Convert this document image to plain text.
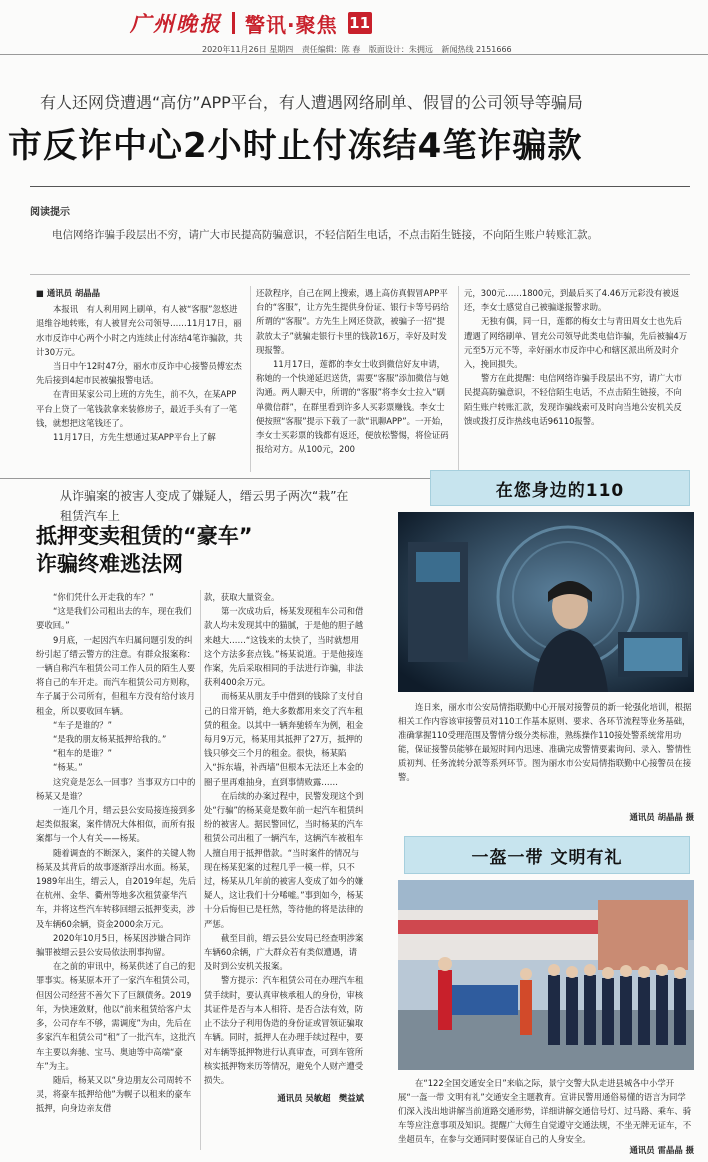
广州晚报 警讯·聚焦 11
2020年11月26日 星期四 责任编辑：陈 春 版面设计：朱拥远 新闻热线 2151666
有人还网贷遭遇“高仿”APP平台，有人遭遇网络刷单、假冒的公司领导等骗局
市反诈中心2小时止付冻结4笔诈骗款
阅读提示
电信网络诈骗手段层出不穷，请广大市民提高防骗意识，不轻信陌生电话，不点击陌生链接，不向陌生账户转账汇款。
■ 通讯员 胡晶晶

本报讯　有人利用网上刷单，有人被“客服”忽悠进退维谷地转账，有人被冒充公司领导……11月17日，丽水市反诈中心两个小时之内连续止付冻结4笔诈骗款，共计30万元。

当日中午12时47分，丽水市反诈中心接警员傅宏杰先后接到4起市民被骗报警电话。

在青田某家公司上班的方先生，前不久，在某APP平台上贷了一笔钱款拿来装修房子，最近手头有了一笔钱，就想把这笔钱还了。

11月17日，方先生想通过某APP平台上了解

还款程序，自己在网上搜索，遇上高仿真假冒APP平台的“客服”，让方先生提供身份证、银行卡等号码给所谓的“客服”。方先生上网还贷款，被骗子一招“提款放太子”就骗走银行卡里的钱款16万，幸好及时发现报警。

11月17日，莲都的李女士收到微信好友申请，称她的一个快递延迟送货，需要“客服”添加微信与她沟通。两人聊天中，所谓的“客服”将李女士拉入“刷单微信群”，在群里看到许多人买彩票赚钱。李女士便按照“客服”提示下载了一款“讯聊APP”。一开始，李女士买彩票的钱都有返还，便放松警惕，将俭证码报给对方。从100元，200

元，300元……1800元，到最后买了4.46万元彩没有被返还，李女士感觉自己被骗遂报警求助。

无独有偶，同一日，莲都的梅女士与青田周女士也先后遭遇了网络刷单、冒充公司领导此类电信诈骗，先后被骗4万元至5万元不等，幸好丽水市反诈中心和辖区派出所及时介入，挽回损失。

警方在此提醒：电信网络诈骗手段层出不穷，请广大市民提高防骗意识，不轻信陌生电话，不点击陌生链接，不向陌生账户转账汇款，发现诈骗线索可及时向当地公安机关反馈或拨打反诈热线电话96110报警。

从诈骗案的被害人变成了嫌疑人，缙云男子两次“栽”在租赁汽车上
抵押变卖租赁的“豪车”
诈骗终难逃法网

“你们凭什么开走我的车？”

“这是我们公司租出去的车，现在我们要收回。”

9月底，一起因汽车归属问题引发的纠纷引起了缙云警方的注意。有群众报案称：一辆自称汽车租赁公司工作人员的陌生人要将自己的车开走。而汽车租赁公司方则称，车子属于公司所有，但租车方没有给付该月租金，所以要收回车辆。

“车子是谁的？”

“是我的朋友杨某抵押给我的。”

“租车的是谁？”

“杨某。”

这究竟是怎么一回事？当事双方口中的杨某又是谁？

一连几个月，缙云县公安局接连接到多起类似报案，案件情况大体相似，而所有报案都与一个人有关——杨某。

随着调查的不断深入，案件的关键人物杨某及其背后的故事逐渐浮出水面。杨某，1989年出生，缙云人，自2019年起，先后在杭州、金华、衢州等地多次租赁豪华汽车，并将这些汽车转移回缙云抵押变卖，涉及车辆60余辆，资金2000余万元。

2020年10月5日，杨某因涉嫌合同诈骗罪被缙云县公安局依法刑事拘留。

在之前的审讯中，杨某供述了自己的犯罪事实。杨某原本开了一家汽车租赁公司，但因公司经营不善欠下了巨额债务。2019年，为快速敛财，他以“前来租赁给客户太多，公司存车不够，需调度”为由，先后在多家汽车租赁公司“租”了一批汽车，这批汽车主要以奔驰、宝马、奥迪等中高端“豪车”为主。

随后，杨某又以“身边朋友公司周转不灵，将豪车抵押给他”为幌子以租来的豪车抵押，向身边亲友借

款，获取大量资金。

第一次成功后，杨某发现租车公司和借款人均未发现其中的猫腻，于是他的胆子越来越大……“这钱来的太快了，当时就想用这个方法多套点钱。”杨某说道。于是他接连作案，先后采取相同的手法进行诈骗，非法获利400余万元。

而杨某从朋友手中借到的钱除了支付自己的日常开销，绝大多数都用来交了汽车租赁的租金。以其中一辆奔驰轿车为例，租金每月9万元，杨某用其抵押了27万，抵押的钱只够交三个月的租金。很快，杨某陷入“拆东墙，补西墙”但根本无法还上本金的圈子里再难抽身，直到事情败露……

在后续的办案过程中，民警发现这个到处“行骗”的杨某竟是数年前一起汽车租赁纠纷的被害人。据民警回忆，当时杨某的汽车租赁公司出租了一辆汽车，这辆汽车被租车人擅自用于抵押借款。“当时案件的情况与现在杨某犯案的过程几乎一模一样，只不过，杨某从几年前的被害人变成了如今的嫌疑人，这让我们十分唏嘘。”事到如今，杨某十分后悔但已是枉然，等待他的将是法律的严惩。

截至目前，缙云县公安局已经查明涉案车辆60余辆，广大群众若有类似遭遇，请及时到公安机关报案。

警方提示：汽车租赁公司在办理汽车租赁手续时，要认真审核承租人的身份，审核其证件是否与本人相符、是否合法有效，防止不法分子利用伪造的身份证或冒领证骗取车辆。同时，抵押人在办理手续过程中，要对车辆等抵押物进行认真审查，可到车管所核实抵押物来历等情况，避免个人财产遭受损失。

通讯员 吴敏超　樊益斌
在您身边的110
连日来，丽水市公安局情指联勤中心开展对接警员的新一轮强化培训，根据相关工作内容该审接警员对110工作基本原则、要求、各环节流程等业务基础，准确掌握110受理范围及警情分级分类标准，熟练操作110接处警系统常用功能，保证接警员能够在最短时间内迅速、准确完成警情要素询问、录入、警情性质初判、任务流转分派等系列环节。图为丽水市公安局情指联勤中心接警员在接警。
通讯员 胡晶晶 摄
一盔一带 文明有礼
在“122全国交通安全日”来临之际，景宁交警大队走进县城各中小学开展“一盔一带 文明有礼”交通安全主题教育。宣讲民警用通俗易懂的语言为同学们深入浅出地讲解当前道路交通形势，详细讲解交通信号灯、过马路、乘车、骑车等应注意事项及知识。提醒广大师生自觉遵守交通法规，不坐无牌无证车，不坐超员车，在参与交通同时要保证自己的人身安全。
通讯员 雷晶晶 摄
